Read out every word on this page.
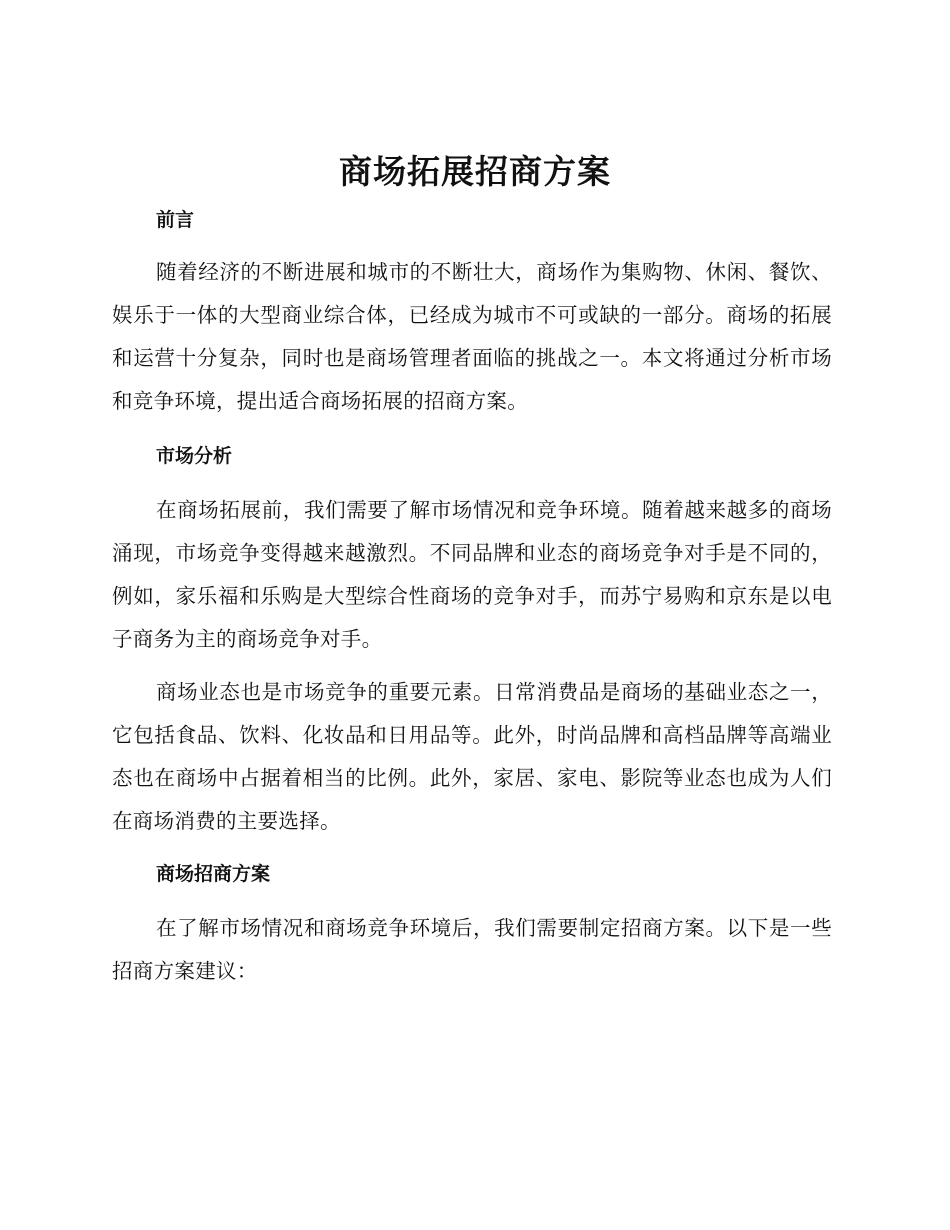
商场拓展招商方案
前言

随着经济的不断进展和城市的不断壮大，商场作为集购物、休闲、餐饮、娱乐于一体的大型商业综合体，已经成为城市不可或缺的一部分。商场的拓展和运营十分复杂，同时也是商场管理者面临的挑战之一。本文将通过分析市场和竞争环境，提出适合商场拓展的招商方案。

市场分析

在商场拓展前，我们需要了解市场情况和竞争环境。随着越来越多的商场涌现，市场竞争变得越来越激烈。不同品牌和业态的商场竞争对手是不同的，例如，家乐福和乐购是大型综合性商场的竞争对手，而苏宁易购和京东是以电子商务为主的商场竞争对手。

商场业态也是市场竞争的重要元素。日常消费品是商场的基础业态之一，它包括食品、饮料、化妆品和日用品等。此外，时尚品牌和高档品牌等高端业态也在商场中占据着相当的比例。此外，家居、家电、影院等业态也成为人们在商场消费的主要选择。

商场招商方案

在了解市场情况和商场竞争环境后，我们需要制定招商方案。以下是一些招商方案建议：
